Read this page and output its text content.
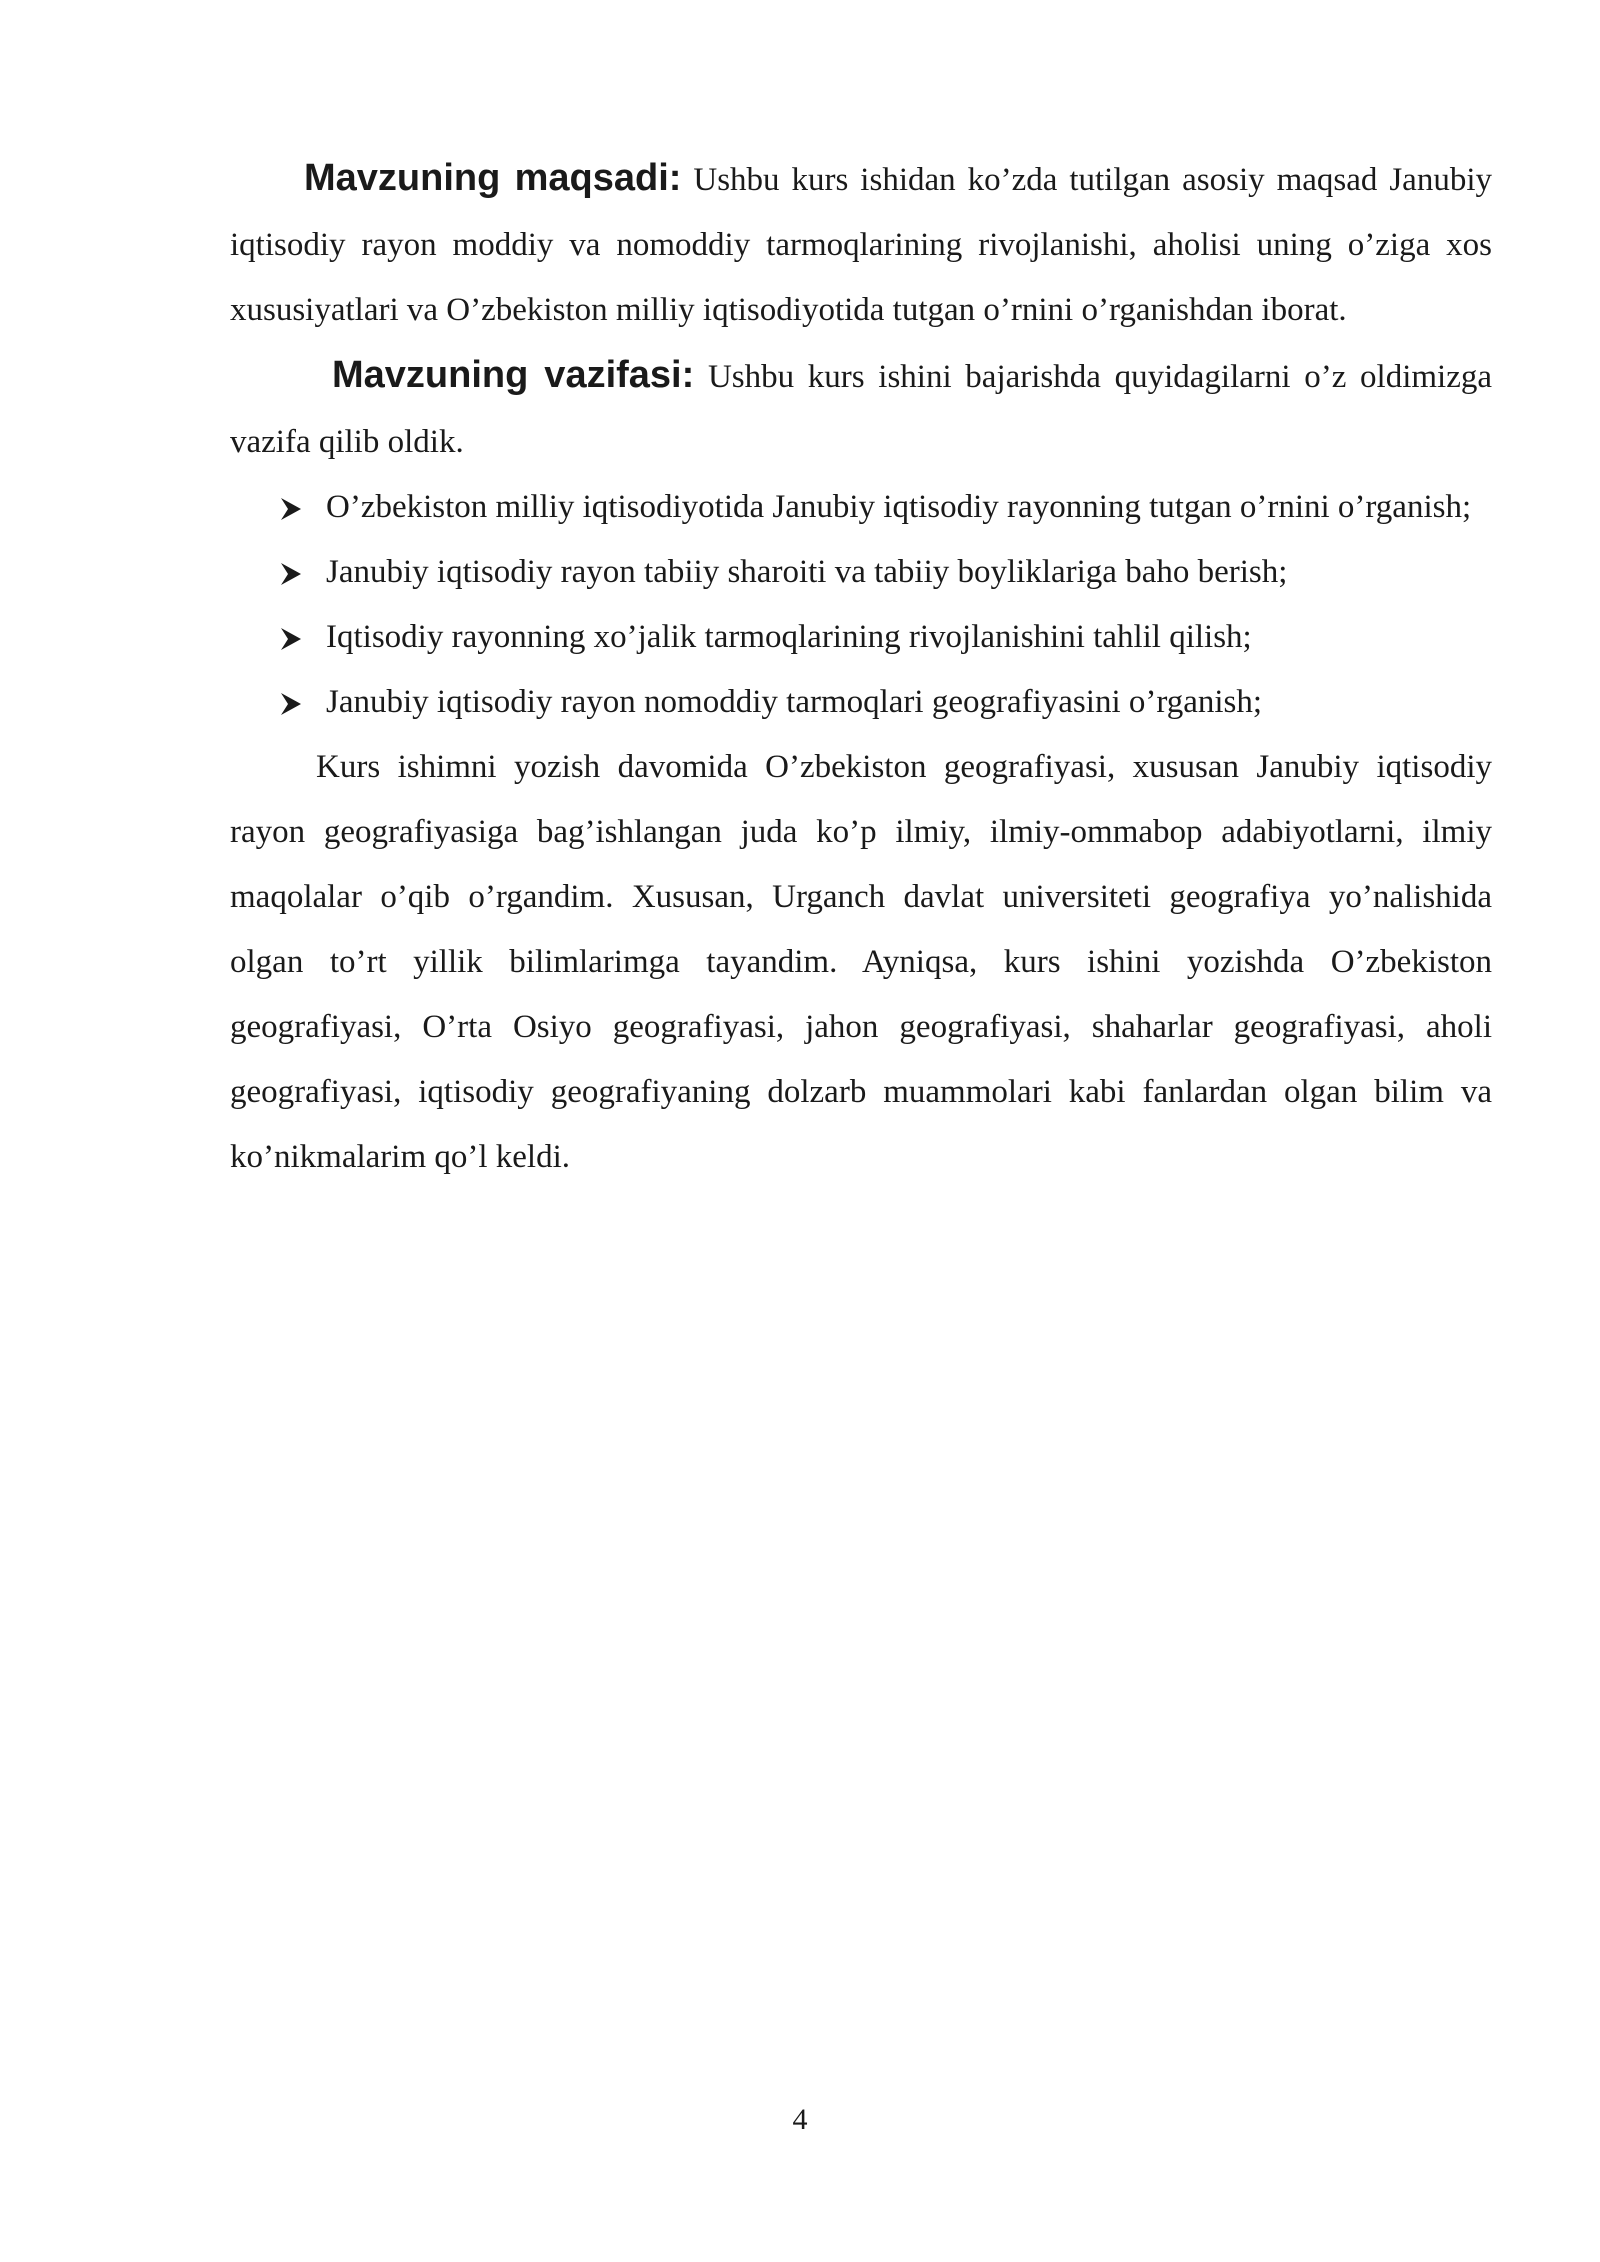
Mavzuning maqsadi: Ushbu kurs ishidan ko’zda tutilgan asosiy maqsad Janubiy iqtisodiy rayon moddiy va nomoddiy tarmoqlarining rivojlanishi, aholisi uning o’ziga xos xususiyatlari va O’zbekiston milliy iqtisodiyotida tutgan o’rnini o’rganishdan iborat.

Mavzuning vazifasi: Ushbu kurs ishini bajarishda quyidagilarni o’z oldimizga vazifa qilib oldik.

O’zbekiston milliy iqtisodiyotida Janubiy iqtisodiy rayonning tutgan o’rnini o’rganish;
Janubiy iqtisodiy rayon tabiiy sharoiti va tabiiy boyliklariga baho berish;
Iqtisodiy rayonning xo’jalik tarmoqlarining rivojlanishini tahlil qilish;
Janubiy iqtisodiy rayon nomoddiy tarmoqlari geografiyasini o’rganish;

Kurs ishimni yozish davomida O’zbekiston geografiyasi, xususan Janubiy iqtisodiy rayon geografiyasiga bag’ishlangan juda ko’p ilmiy, ilmiy-ommabop adabiyotlarni, ilmiy maqolalar o’qib o’rgandim. Xususan, Urganch davlat universiteti geografiya yo’nalishida olgan to’rt yillik bilimlarimga tayandim. Ayniqsa, kurs ishini yozishda O’zbekiston geografiyasi, O’rta Osiyo geografiyasi, jahon geografiyasi, shaharlar geografiyasi, aholi geografiyasi, iqtisodiy geografiyaning dolzarb muammolari kabi fanlardan olgan bilim va ko’nikmalarim qo’l keldi.

4
